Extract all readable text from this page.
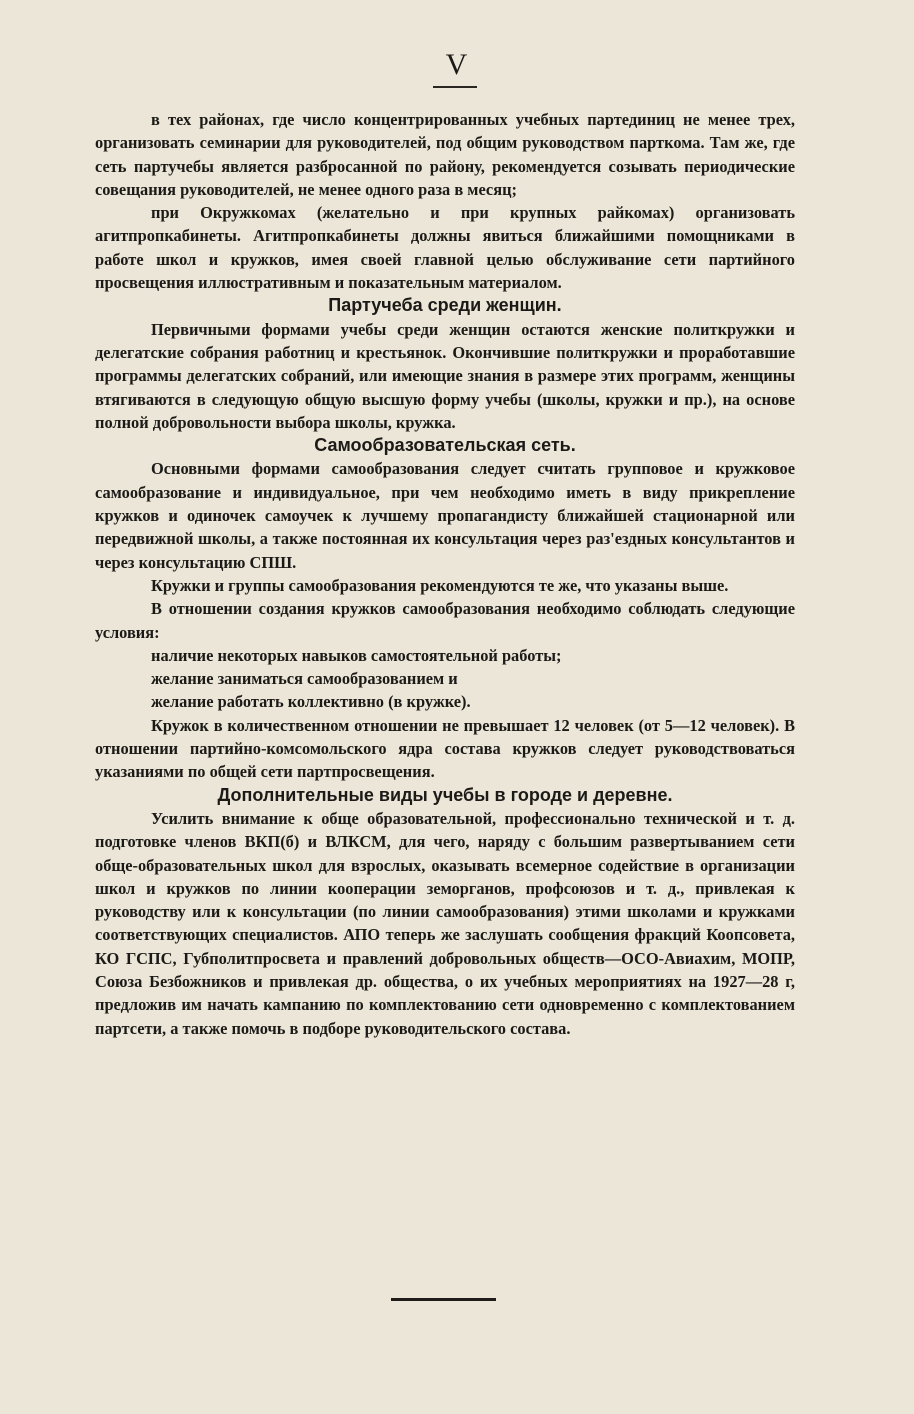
V

в тех районах, где число концентрированных учебных партединиц не менее трех, организовать семинарии для руководителей, под общим руководством парткома. Там же, где сеть партучебы является разбросанной по району, рекомендуется созывать периодические совещания руководителей, не менее одного раза в месяц;

при Окружкомах (желательно и при крупных райкомах) организовать агитпропкабинеты. Агитпропкабинеты должны явиться ближайшими помощниками в работе школ и кружков, имея своей главной целью обслуживание сети партийного просвещения иллюстративным и показательным материалом.

Партучеба среди женщин.

Первичными формами учебы среди женщин остаются женские политкружки и делегатские собрания работниц и крестьянок. Окончившие политкружки и проработавшие программы делегатских собраний, или имеющие знания в размере этих программ, женщины втягиваются в следующую общую высшую форму учебы (школы, кружки и пр.), на основе полной добровольности выбора школы, кружка.

Самообразовательская сеть.

Основными формами самообразования следует считать групповое и кружковое самообразование и индивидуальное, при чем необходимо иметь в виду прикрепление кружков и одиночек самоучек к лучшему пропагандисту ближайшей стационарной или передвижной школы, а также постоянная их консультация через раз'ездных консультантов и через консультацию СПШ.

Кружки и группы самообразования рекомендуются те же, что указаны выше.

В отношении создания кружков самообразования необходимо соблюдать следующие условия:

наличие некоторых навыков самостоятельной работы;

желание заниматься самообразованием и

желание работать коллективно (в кружке).

Кружок в количественном отношении не превышает 12 человек (от 5—12 человек). В отношении партийно-комсомольского ядра состава кружков следует руководствоваться указаниями по общей сети партпросвещения.

Дополнительные виды учебы в городе и деревне.

Усилить внимание к обще образовательной, профессионально технической и т. д. подготовке членов ВКП(б) и ВЛКСМ, для чего, наряду с большим развертыванием сети обще-образовательных школ для взрослых, оказывать всемерное содействие в организации школ и кружков по линии кооперации земорганов, профсоюзов и т. д., привлекая к руководству или к консультации (по линии самообразования) этими школами и кружками соответствующих специалистов. АПО теперь же заслушать сообщения фракций Коопсовета, КО ГСПС, Губполитпросвета и правлений добровольных обществ—ОСО-Авиахим, МОПР, Союза Безбожников и привлекая др. общества, о их учебных мероприятиях на 1927—28 г, предложив им начать кампанию по комплектованию сети одновременно с комплектованием партсети, а также помочь в подборе руководительского состава.
